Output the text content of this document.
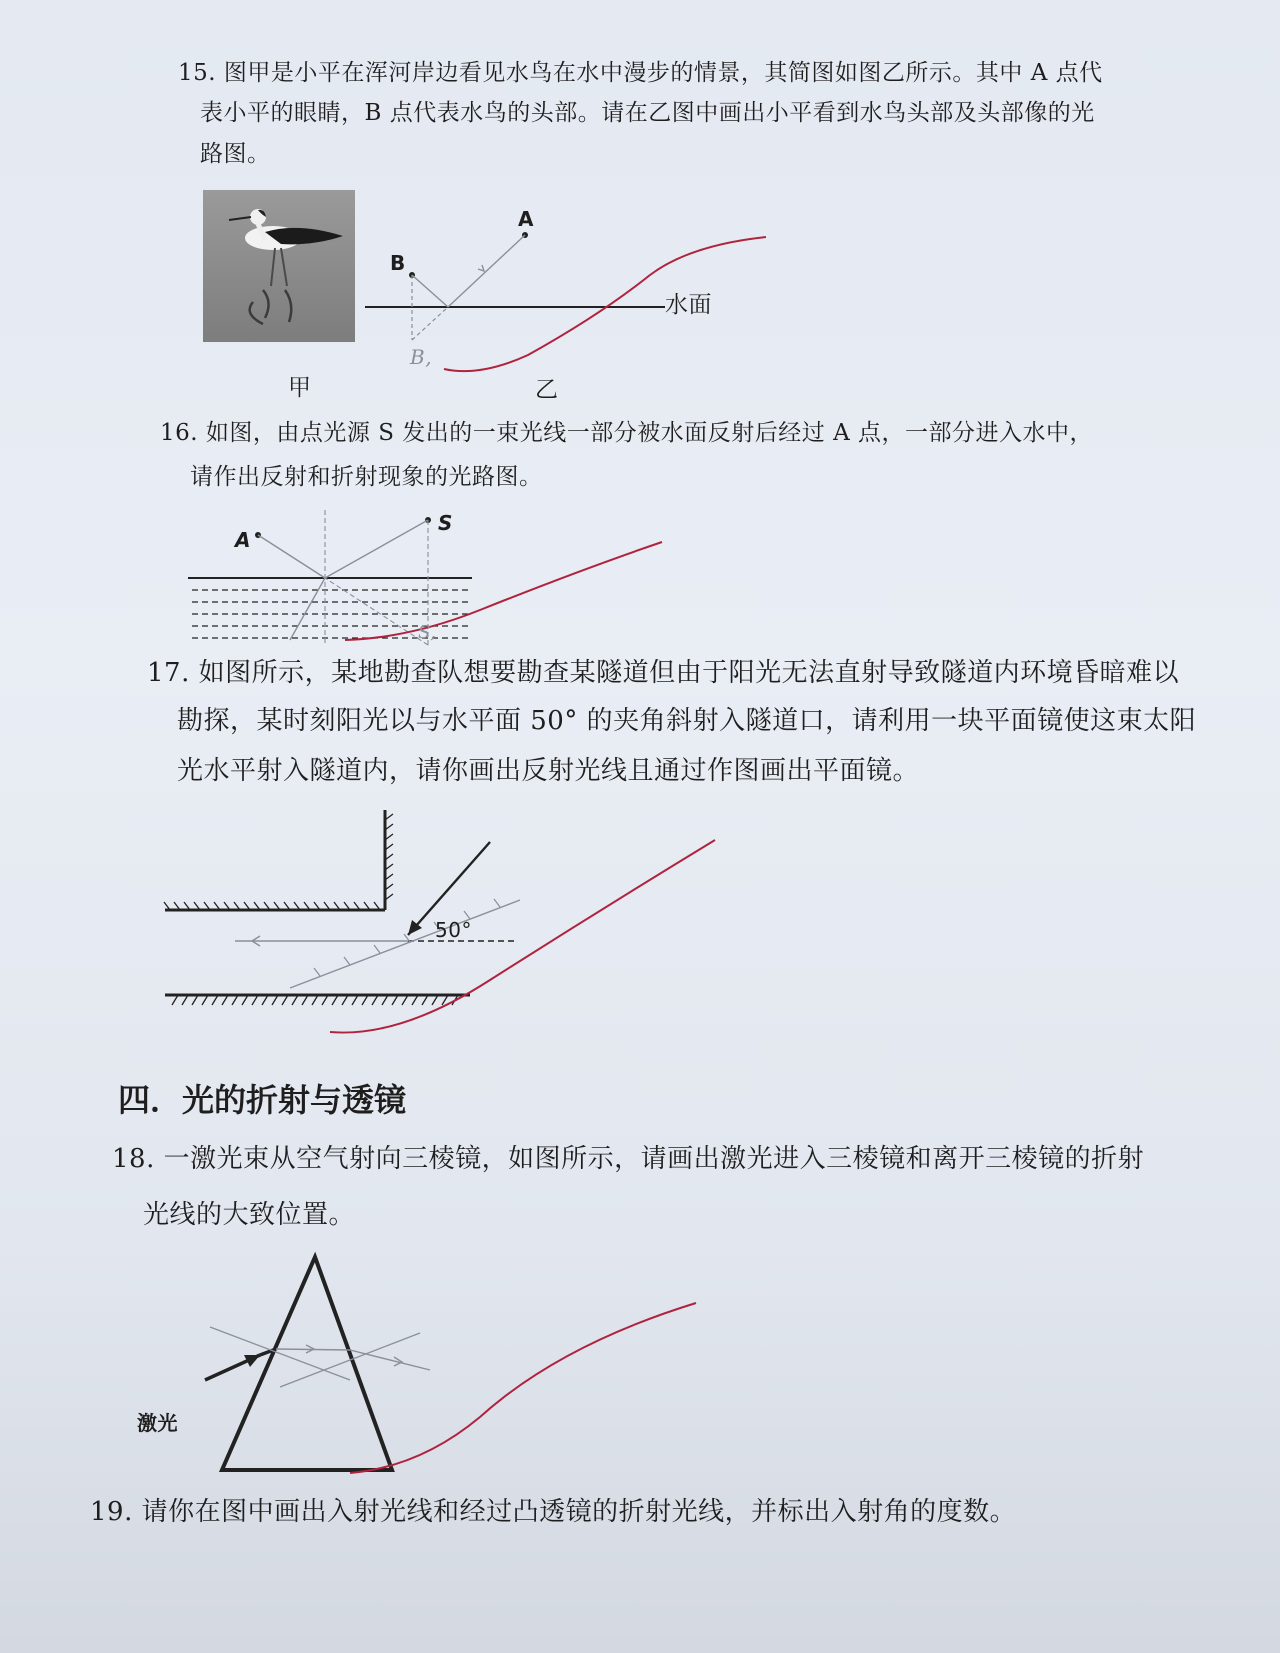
15. 图甲是小平在浑河岸边看见水鸟在水中漫步的情景，其简图如图乙所示。其中 A 点代
表小平的眼睛，B 点代表水鸟的头部。请在乙图中画出小平看到水鸟头部及头部像的光
路图。
A
B
B,
水面
甲	乙
16. 如图，由点光源 S 发出的一束光线一部分被水面反射后经过 A 点，一部分进入水中，
请作出反射和折射现象的光路图。
A
S
S,
17. 如图所示，某地勘查队想要勘查某隧道但由于阳光无法直射导致隧道内环境昏暗难以
勘探，某时刻阳光以与水平面 50° 的夹角斜射入隧道口，请利用一块平面镜使这束太阳
光水平射入隧道内，请你画出反射光线且通过作图画出平面镜。
50°
四．光的折射与透镜
18. 一激光束从空气射向三棱镜，如图所示，请画出激光进入三棱镜和离开三棱镜的折射
光线的大致位置。
激光
19. 请你在图中画出入射光线和经过凸透镜的折射光线，并标出入射角的度数。
